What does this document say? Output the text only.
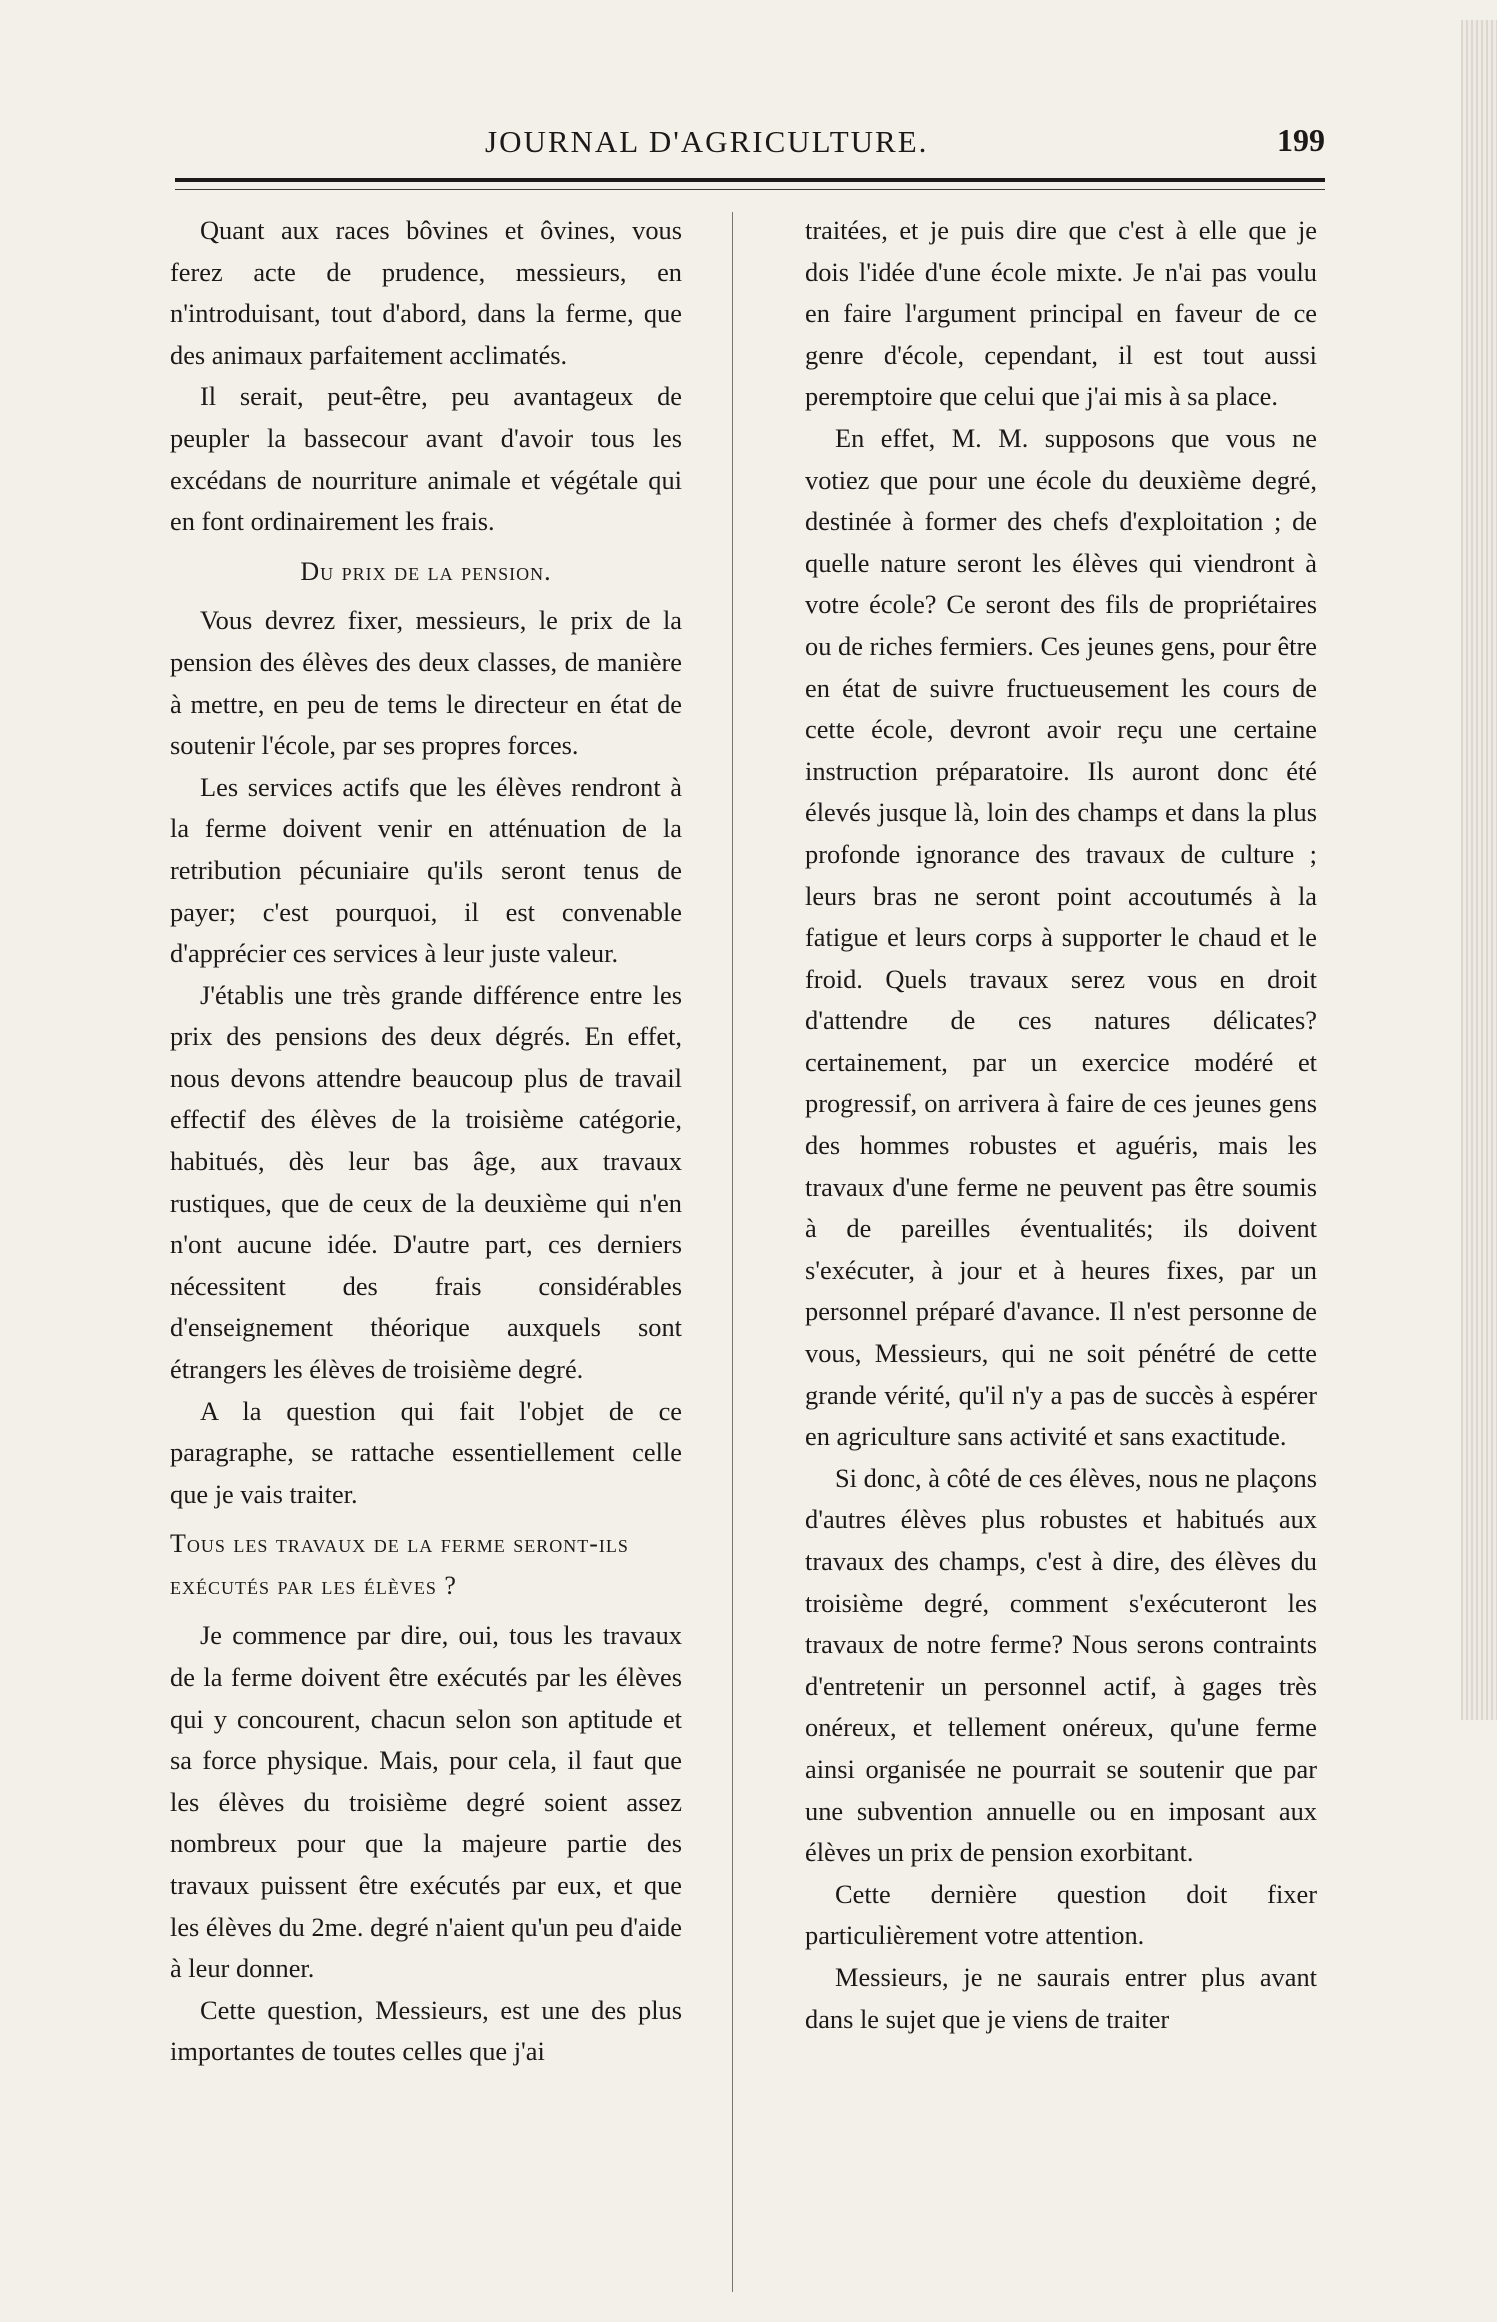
JOURNAL D'AGRICULTURE.	199

Quant aux races bôvines et ôvines, vous ferez acte de prudence, messieurs, en n'introduisant, tout d'abord, dans la ferme, que des animaux parfaitement acclimatés.

Il serait, peut-être, peu avantageux de peupler la bassecour avant d'avoir tous les excédans de nourriture animale et végétale qui en font ordinairement les frais.

Du prix de la pension.

Vous devrez fixer, messieurs, le prix de la pension des élèves des deux classes, de manière à mettre, en peu de tems le directeur en état de soutenir l'école, par ses propres forces.

Les services actifs que les élèves rendront à la ferme doivent venir en atténuation de la retribution pécuniaire qu'ils seront tenus de payer; c'est pourquoi, il est convenable d'apprécier ces services à leur juste valeur.

J'établis une très grande différence entre les prix des pensions des deux dégrés. En effet, nous devons attendre beaucoup plus de travail effectif des élèves de la troisième catégorie, habitués, dès leur bas âge, aux travaux rustiques, que de ceux de la deuxième qui n'en n'ont aucune idée. D'autre part, ces derniers nécessitent des frais considérables d'enseignement théorique auxquels sont étrangers les élèves de troisième degré.

A la question qui fait l'objet de ce paragraphe, se rattache essentiellement celle que je vais traiter.

Tous les travaux de la ferme seront-ils exécutés par les élèves ?

Je commence par dire, oui, tous les travaux de la ferme doivent être exécutés par les élèves qui y concourent, chacun selon son aptitude et sa force physique. Mais, pour cela, il faut que les élèves du troisième degré soient assez nombreux pour que la majeure partie des travaux puissent être exécutés par eux, et que les élèves du 2me. degré n'aient qu'un peu d'aide à leur donner.

Cette question, Messieurs, est une des plus importantes de toutes celles que j'ai

traitées, et je puis dire que c'est à elle que je dois l'idée d'une école mixte. Je n'ai pas voulu en faire l'argument principal en faveur de ce genre d'école, cependant, il est tout aussi peremptoire que celui que j'ai mis à sa place.

En effet, M. M. supposons que vous ne votiez que pour une école du deuxième degré, destinée à former des chefs d'exploitation ; de quelle nature seront les élèves qui viendront à votre école? Ce seront des fils de propriétaires ou de riches fermiers. Ces jeunes gens, pour être en état de suivre fructueusement les cours de cette école, devront avoir reçu une certaine instruction préparatoire. Ils auront donc été élevés jusque là, loin des champs et dans la plus profonde ignorance des travaux de culture ; leurs bras ne seront point accoutumés à la fatigue et leurs corps à supporter le chaud et le froid. Quels travaux serez vous en droit d'attendre de ces natures délicates? certainement, par un exercice modéré et progressif, on arrivera à faire de ces jeunes gens des hommes robustes et aguéris, mais les travaux d'une ferme ne peuvent pas être soumis à de pareilles éventualités; ils doivent s'exécuter, à jour et à heures fixes, par un personnel préparé d'avance. Il n'est personne de vous, Messieurs, qui ne soit pénétré de cette grande vérité, qu'il n'y a pas de succès à espérer en agriculture sans activité et sans exactitude.

Si donc, à côté de ces élèves, nous ne plaçons d'autres élèves plus robustes et habitués aux travaux des champs, c'est à dire, des élèves du troisième degré, comment s'exécuteront les travaux de notre ferme? Nous serons contraints d'entretenir un personnel actif, à gages très onéreux, et tellement onéreux, qu'une ferme ainsi organisée ne pourrait se soutenir que par une subvention annuelle ou en imposant aux élèves un prix de pension exorbitant.

Cette dernière question doit fixer particulièrement votre attention.

Messieurs, je ne saurais entrer plus avant dans le sujet que je viens de traiter
